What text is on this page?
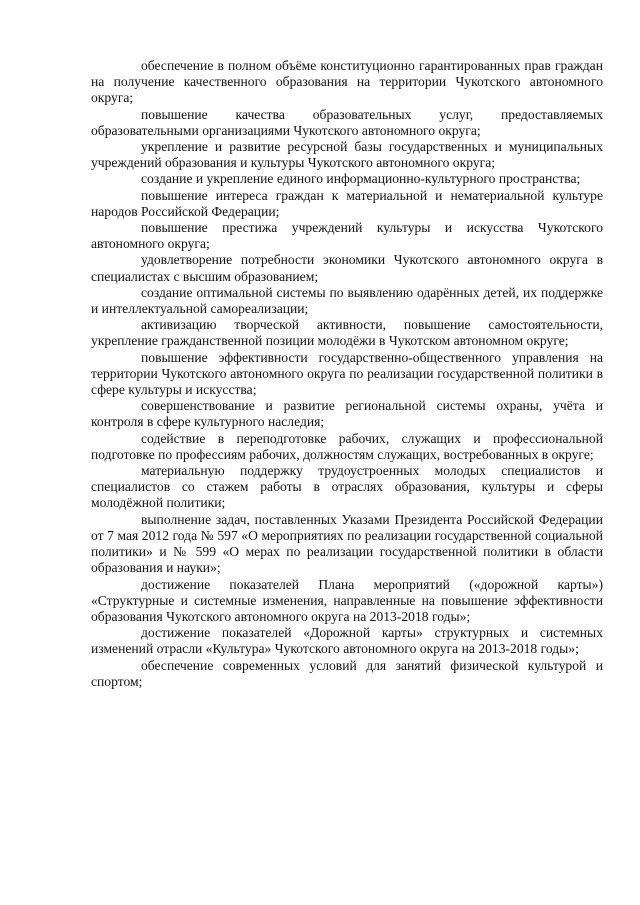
обеспечение в полном объёме конституционно гарантированных прав граждан на получение качественного образования на территории Чукотского автономного округа;

повышение качества образовательных услуг, предоставляемых образовательными организациями Чукотского автономного округа;

укрепление и развитие ресурсной базы государственных и муниципальных учреждений образования и культуры Чукотского автономного округа;

создание и укрепление единого информационно-культурного пространства;

повышение интереса граждан к материальной и нематериальной культуре народов Российской Федерации;

повышение престижа учреждений культуры и искусства Чукотского автономного округа;

удовлетворение потребности экономики Чукотского автономного округа в специалистах с высшим образованием;

создание оптимальной системы по выявлению одарённых детей, их поддержке и интеллектуальной самореализации;

активизацию творческой активности, повышение самостоятельности, укрепление гражданственной позиции молодёжи в Чукотском автономном округе;

повышение эффективности государственно-общественного управления на территории Чукотского автономного округа по реализации государственной политики в сфере культуры и искусства;

совершенствование и развитие региональной системы охраны, учёта и контроля в сфере культурного наследия;

содействие в переподготовке рабочих, служащих и профессиональной подготовке по профессиям рабочих, должностям служащих, востребованных в округе;

материальную поддержку трудоустроенных молодых специалистов и специалистов со стажем работы в отраслях образования, культуры и сферы молодёжной политики;

выполнение задач, поставленных Указами Президента Российской Федерации от 7 мая 2012 года № 597 «О мероприятиях по реализации государственной социальной политики» и № 599 «О мерах по реализации государственной политики в области образования и науки»;

достижение показателей Плана мероприятий («дорожной карты») «Структурные и системные изменения, направленные на повышение эффективности образования Чукотского автономного округа на 2013-2018 годы»;

достижение показателей «Дорожной карты» структурных и системных изменений отрасли «Культура» Чукотского автономного округа на 2013-2018 годы»;

обеспечение современных условий для занятий физической культурой и спортом;
